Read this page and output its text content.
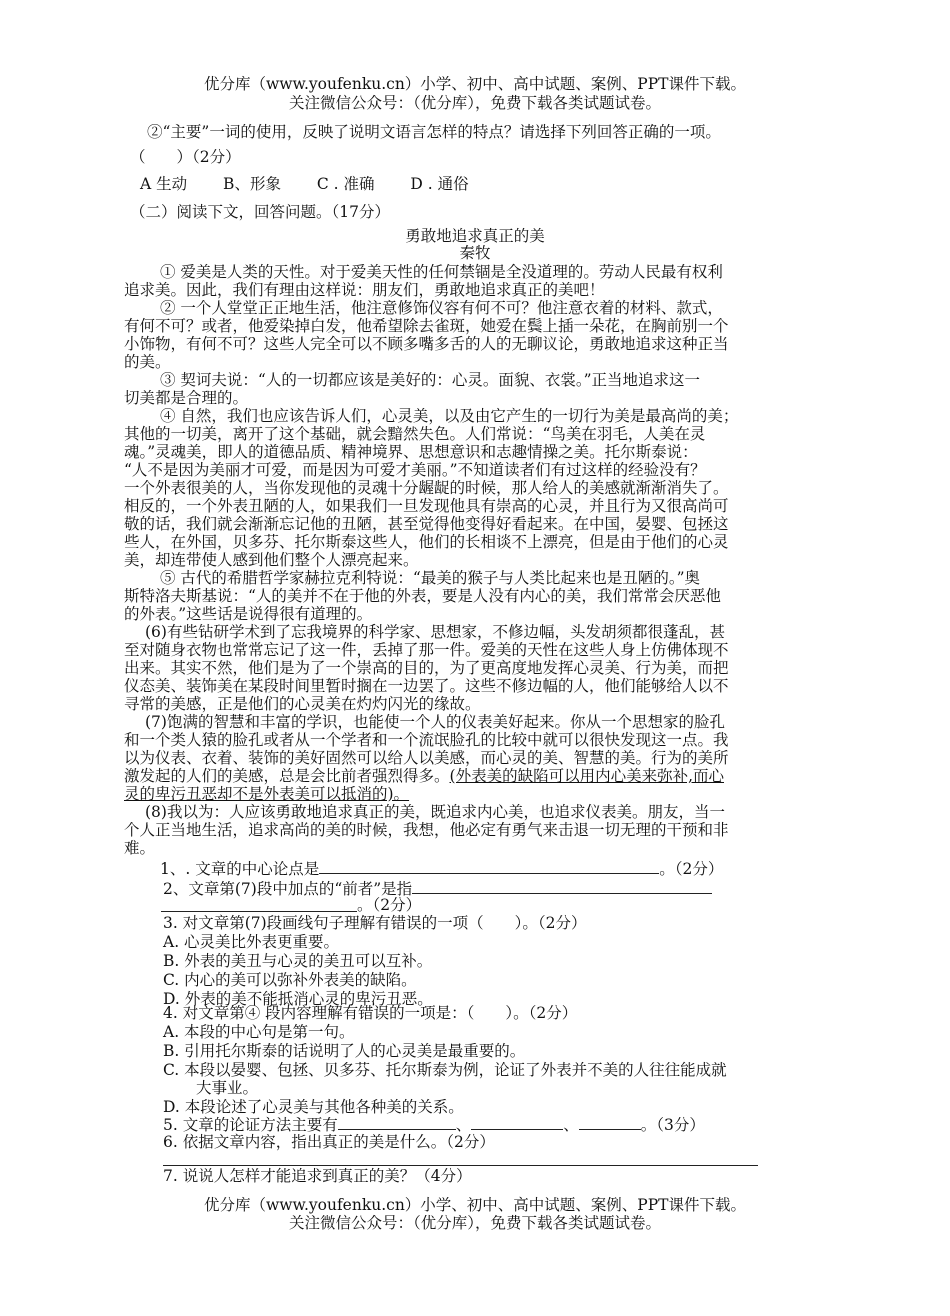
优分库（www.youfenku.cn）小学、初中、高中试题、案例、PPT课件下载。
关注微信公众号：（优分库），免费下载各类试题试卷。
②“主要”一词的使用，反映了说明文语言怎样的特点？请选择下列回答正确的一项。
（　　）（2分）
A 生动　　 B、形象　　 C . 准确　　 D . 通俗
（二）阅读下文，回答问题。（17分）
勇敢地追求真正的美
秦牧
① 爱美是人类的天性。对于爱美天性的任何禁锢是全没道理的。劳动人民最有权利
追求美。因此，我们有理由这样说：朋友们，勇敢地追求真正的美吧！
② 一个人堂堂正正地生活，他注意修饰仪容有何不可？他注意衣着的材料、款式，
有何不可？或者，他爱染掉白发，他希望除去雀斑，她爱在鬓上插一朵花，在胸前别一个
小饰物，有何不可？这些人完全可以不顾多嘴多舌的人的无聊议论，勇敢地追求这种正当
的美。
③ 契诃夫说：“人的一切都应该是美好的：心灵。面貌、衣裳。”正当地追求这一
切美都是合理的。
④ 自然，我们也应该告诉人们，心灵美，以及由它产生的一切行为美是最高尚的美；
其他的一切美，离开了这个基础，就会黯然失色。人们常说：“鸟美在羽毛，人美在灵
魂。”灵魂美，即人的道德品质、精神境界、思想意识和志趣情操之美。托尔斯泰说：
“人不是因为美丽才可爱，而是因为可爱才美丽。”不知道读者们有过这样的经验没有？
一个外表很美的人，当你发现他的灵魂十分龌龊的时候，那人给人的美感就渐渐消失了。
相反的，一个外表丑陋的人，如果我们一旦发现他具有崇高的心灵，并且行为又很高尚可
敬的话，我们就会渐渐忘记他的丑陋，甚至觉得他变得好看起来。在中国，晏婴、包拯这
些人，在外国，贝多芬、托尔斯泰这些人，他们的长相谈不上漂亮，但是由于他们的心灵
美，却连带使人感到他们整个人漂亮起来。
⑤ 古代的希腊哲学家赫拉克利特说：“最美的猴子与人类比起来也是丑陋的。”奥
斯特洛夫斯基说：“人的美并不在于他的外表，要是人没有内心的美，我们常常会厌恶他
的外表。”这些话是说得很有道理的。
(6)有些钻研学术到了忘我境界的科学家、思想家，不修边幅，头发胡须都很蓬乱，甚
至对随身衣物也常常忘记了这一件，丢掉了那一件。爱美的天性在这些人身上仿佛体现不
出来。其实不然，他们是为了一个崇高的目的，为了更高度地发挥心灵美、行为美，而把
仪态美、装饰美在某段时间里暂时搁在一边罢了。这些不修边幅的人，他们能够给人以不
寻常的美感，正是他们的心灵美在灼灼闪光的缘故。
(7)饱满的智慧和丰富的学识，也能使一个人的仪表美好起来。你从一个思想家的脸孔
和一个类人猿的脸孔或者从一个学者和一个流氓脸孔的比较中就可以很快发现这一点。我
以为仪表、衣着、装饰的美好固然可以给人以美感，而心灵的美、智慧的美。行为的美所
激发起的人们的美感，总是会比前者强烈得多。(外表美的缺陷可以用内心美来弥补,而心
灵的卑污丑恶却不是外表美可以抵消的)。
(8)我以为：人应该勇敢地追求真正的美，既追求内心美，也追求仪表美。朋友，当一
个人正当地生活，追求高尚的美的时候，我想，他必定有勇气来击退一切无理的干预和非
难。
1、. 文章的中心论点是	。（2分）
2、文章第(7)段中加点的“前者”是指
。（2分）
3. 对文章第(7)段画线句子理解有错误的一项（　　）。（2分）
A. 心灵美比外表更重要。
B. 外表的美丑与心灵的美丑可以互补。
C. 内心的美可以弥补外表美的缺陷。
D. 外表的美不能抵消心灵的卑污丑恶。
4. 对文章第④ 段内容理解有错误的一项是：（　　）。（2分）
A. 本段的中心句是第一句。
B. 引用托尔斯泰的话说明了人的心灵美是最重要的。
C. 本段以晏婴、包拯、贝多芬、托尔斯泰为例，论证了外表并不美的人往往能成就
大事业。
D. 本段论述了心灵美与其他各种美的关系。
5. 文章的论证方法主要有	、	、	。（3分）
6. 依据文章内容，指出真正的美是什么。（2分）
7. 说说人怎样才能追求到真正的美？（4分）
优分库（www.youfenku.cn）小学、初中、高中试题、案例、PPT课件下载。
关注微信公众号：（优分库），免费下载各类试题试卷。
